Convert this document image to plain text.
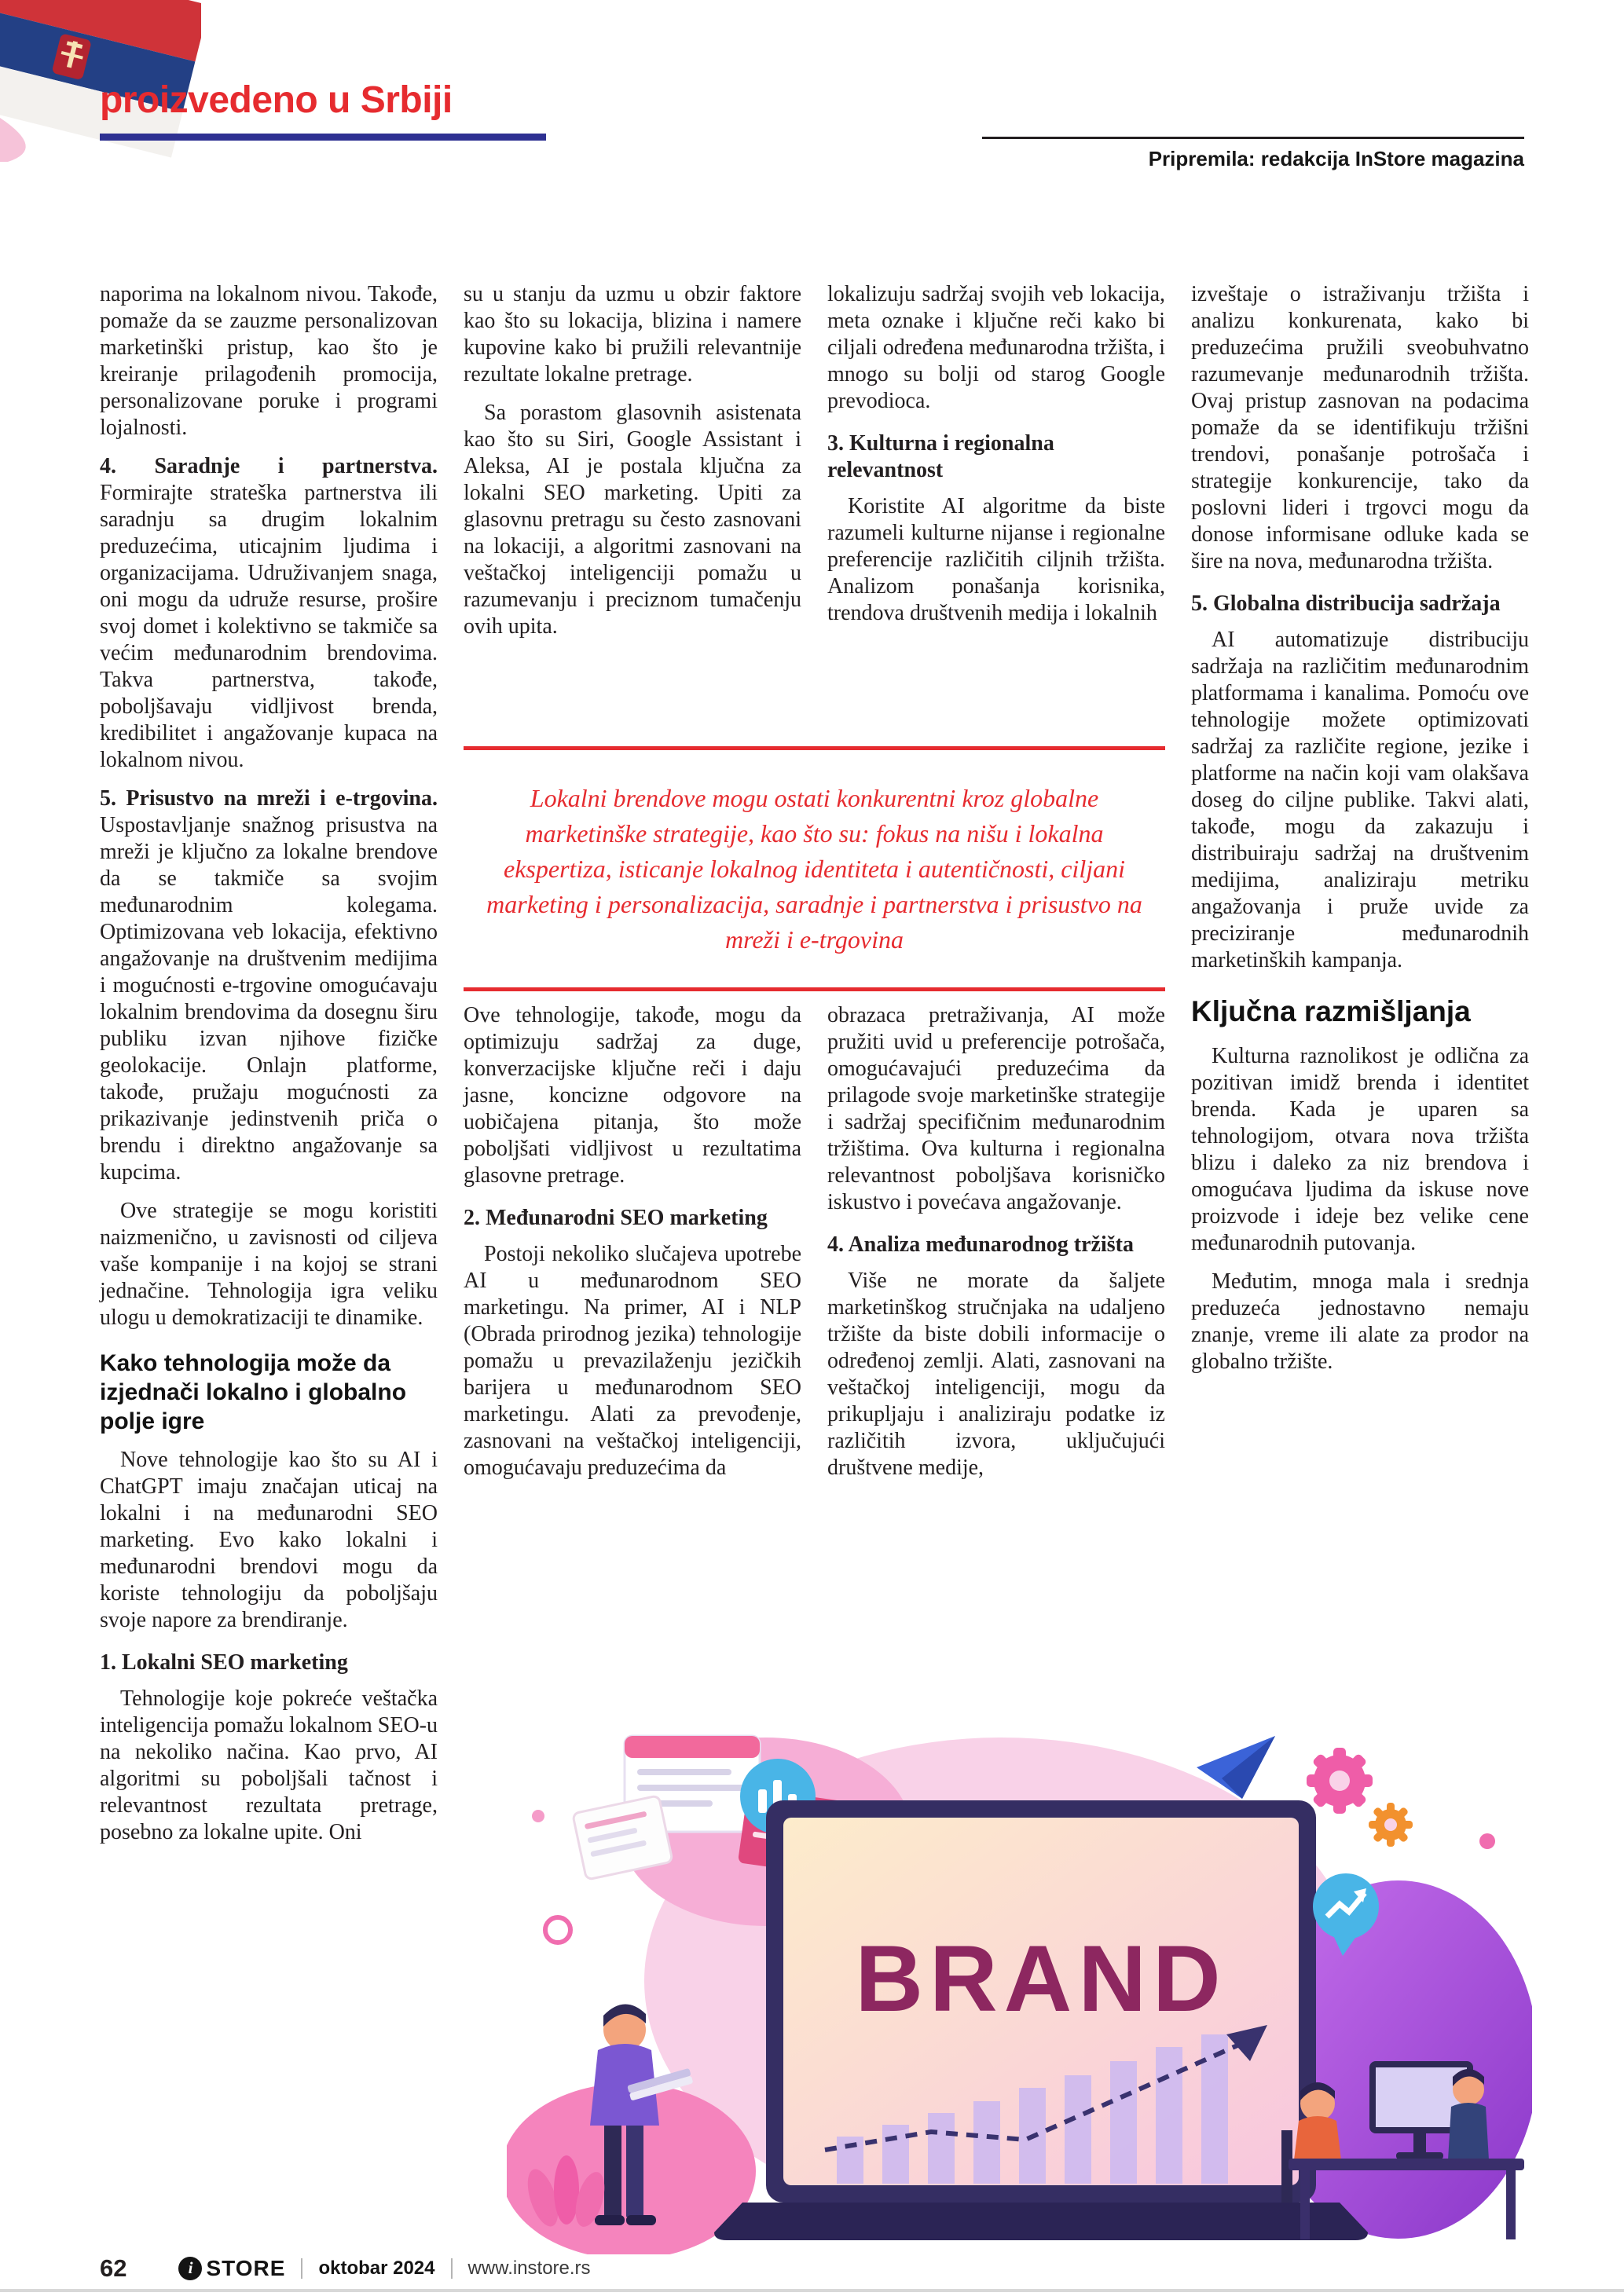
proizvedeno u Srbiji
Pripremila: redakcija InStore magazina

naporima na lokalnom nivou. Takođe, pomaže da se zauzme personalizovan marketinški pristup, kao što je kreiranje prilagođenih promocija, personalizovane poruke i programi lojalnosti.

4. Saradnje i partnerstva. Formirajte strateška partnerstva ili saradnju sa drugim lokalnim preduzećima, uticajnim ljudima i organizacijama. Udruživanjem snaga, oni mogu da udruže resurse, prošire svoj domet i kolektivno se takmiče sa većim međunarodnim brendovima. Takva partnerstva, takođe, poboljšavaju vidljivost brenda, kredibilitet i angažovanje kupaca na lokalnom nivou.

5. Prisustvo na mreži i e-trgovina. Uspostavljanje snažnog prisustva na mreži je ključno za lokalne brendove da se takmiče sa svojim međunarodnim kolegama. Optimizovana veb lokacija, efektivno angažovanje na društvenim medijima i mogućnosti e-trgovine omogućavaju lokalnim brendovima da dosegnu širu publiku izvan njihove fizičke geolokacije. Onlajn platforme, takođe, pružaju mogućnosti za prikazivanje jedinstvenih priča o brendu i direktno angažovanje sa kupcima.

Ove strategije se mogu koristiti naizmenično, u zavisnosti od ciljeva vaše kompanije i na kojoj se strani jednačine. Tehnologija igra veliku ulogu u demokratizaciji te dinamike.

Kako tehnologija može da izjednači lokalno i globalno polje igre

Nove tehnologije kao što su AI i ChatGPT imaju značajan uticaj na lokalni i na međunarodni SEO marketing. Evo kako lokalni i međunarodni brendovi mogu da koriste tehnologiju da poboljšaju svoje napore za brendiranje.

1. Lokalni SEO marketing

Tehnologije koje pokreće veštačka inteligencija pomažu lokalnom SEO-u na nekoliko načina. Kao prvo, AI algoritmi su poboljšali tačnost i relevantnost rezultata pretrage, posebno za lokalne upite. Oni

su u stanju da uzmu u obzir faktore kao što su lokacija, blizina i namere kupovine kako bi pružili relevantnije rezultate lokalne pretrage.

Sa porastom glasovnih asistenata kao što su Siri, Google Assistant i Aleksa, AI je postala ključna za lokalni SEO marketing. Upiti za glasovnu pretragu su često zasnovani na lokaciji, a algoritmi zasnovani na veštačkoj inteligenciji pomažu u razumevanju i preciznom tumačenju ovih upita.

lokalizuju sadržaj svojih veb lokacija, meta oznake i ključne reči kako bi ciljali određena međunarodna tržišta, i mnogo su bolji od starog Google prevodioca.

3. Kulturna i regionalna relevantnost

Koristite AI algoritme da biste razumeli kulturne nijanse i regionalne preferencije različitih ciljnih tržišta. Analizom ponašanja korisnika, trendova društvenih medija i lokalnih

Ove tehnologije, takođe, mogu da optimizuju sadržaj za duge, konverzacijske ključne reči i daju jasne, koncizne odgovore na uobičajena pitanja, što može poboljšati vidljivost u rezultatima glasovne pretrage.

2. Međunarodni SEO marketing

Postoji nekoliko slučajeva upotrebe AI u međunarodnom SEO marketingu. Na primer, AI i NLP (Obrada prirodnog jezika) tehnologije pomažu u prevazilaženju jezičkih barijera u međunarodnom SEO marketingu. Alati za prevođenje, zasnovani na veštačkoj inteligenciji, omogućavaju preduzećima da

obrazaca pretraživanja, AI može pružiti uvid u preferencije potrošača, omogućavajući preduzećima da prilagode svoje marketinške strategije i sadržaj specifičnim međunarodnim tržištima. Ova kulturna i regionalna relevantnost poboljšava korisničko iskustvo i povećava angažovanje.

4. Analiza međunarodnog tržišta

Više ne morate da šaljete marketinškog stručnjaka na udaljeno tržište da biste dobili informacije o određenoj zemlji. Alati, zasnovani na veštačkoj inteligenciji, mogu da prikupljaju i analiziraju podatke iz različitih izvora, uključujući društvene medije,

izveštaje o istraživanju tržišta i analizu konkurenata, kako bi preduzećima pružili sveobuhvatno razumevanje međunarodnih tržišta. Ovaj pristup zasnovan na podacima pomaže da se identifikuju tržišni trendovi, ponašanje potrošača i strategije konkurencije, tako da poslovni lideri i trgovci mogu da donose informisane odluke kada se šire na nova, međunarodna tržišta.

5. Globalna distribucija sadržaja

AI automatizuje distribuciju sadržaja na različitim međunarodnim platformama i kanalima. Pomoću ove tehnologije možete optimizovati sadržaj za različite regione, jezike i platforme na način koji vam olakšava doseg do ciljne publike. Takvi alati, takođe, mogu da zakazuju i distribuiraju sadržaj na društvenim medijima, analiziraju metriku angažovanja i pruže uvide za preciziranje međunarodnih marketinških kampanja.

Ključna razmišljanja

Kulturna raznolikost je odlična za pozitivan imidž brenda i identitet brenda. Kada je uparen sa tehnologijom, otvara nova tržišta blizu i daleko za niz brendova i omogućava ljudima da iskuse nove proizvode i ideje bez velike cene međunarodnih putovanja.

Međutim, mnoga mala i srednja preduzeća jednostavno nemaju znanje, vreme ili alate za prodor na globalno tržište.

Lokalni brendove mogu ostati konkurentni kroz globalne marketinške strategije, kao što su: fokus na nišu i lokalna ekspertiza, isticanje lokalnog identiteta i autentičnosti, ciljani marketing i personalizacija, saradnje i partnerstva i prisustvo na mreži i e-trgovina
BRAND
62	i STORE oktobar 2024 www.instore.rs
